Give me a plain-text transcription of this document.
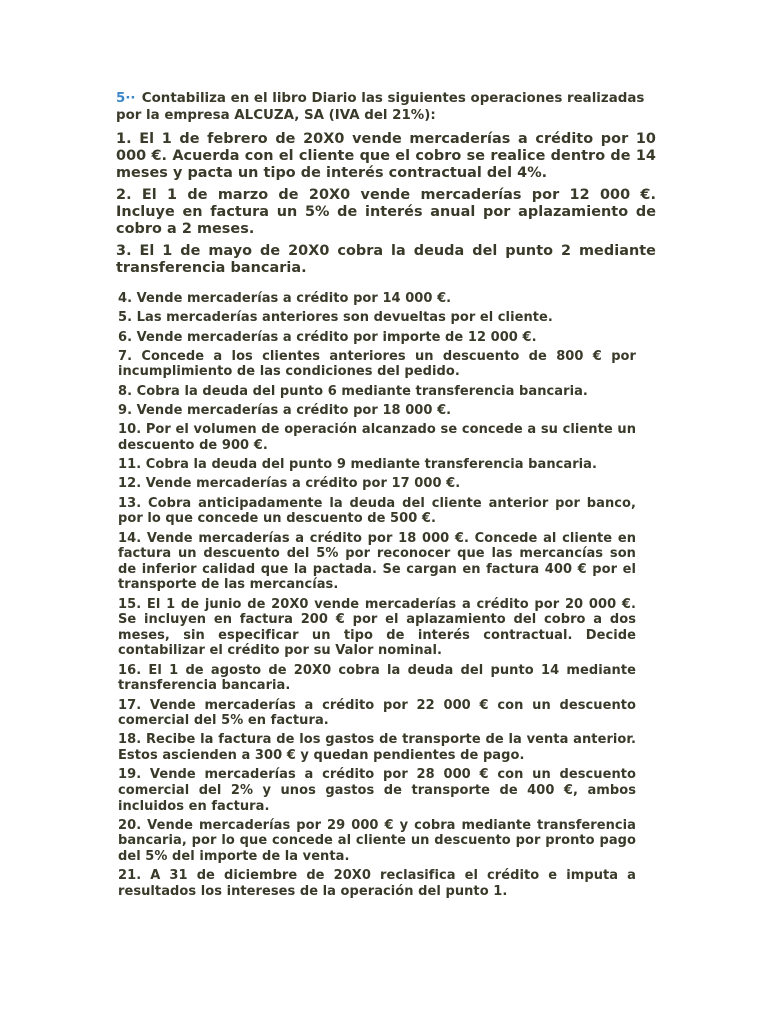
5·· Contabiliza en el libro Diario las siguientes operaciones realizadas por la empresa ALCUZA, SA (IVA del 21%):

1. El 1 de febrero de 20X0 vende mercaderías a crédito por 10 000 €. Acuerda con el cliente que el cobro se realice dentro de 14 meses y pacta un tipo de interés contractual del 4%.

2. El 1 de marzo de 20X0 vende mercaderías por 12 000 €. Incluye en factura un 5% de interés anual por aplazamiento de cobro a 2 meses.

3. El 1 de mayo de 20X0 cobra la deuda del punto 2 mediante transferencia bancaria.

4. Vende mercaderías a crédito por 14 000 €.

5. Las mercaderías anteriores son devueltas por el cliente.

6. Vende mercaderías a crédito por importe de 12 000 €.

7. Concede a los clientes anteriores un descuento de 800 € por incumplimiento de las condiciones del pedido.

8. Cobra la deuda del punto 6 mediante transferencia bancaria.

9. Vende mercaderías a crédito por 18 000 €.

10. Por el volumen de operación alcanzado se concede a su cliente un descuento de 900 €.

11. Cobra la deuda del punto 9 mediante transferencia bancaria.

12. Vende mercaderías a crédito por 17 000 €.

13. Cobra anticipadamente la deuda del cliente anterior por banco, por lo que concede un descuento de 500 €.

14. Vende mercaderías a crédito por 18 000 €. Concede al cliente en factura un descuento del 5% por reconocer que las mercancías son de inferior calidad que la pactada. Se cargan en factura 400 € por el transporte de las mercancías.

15. El 1 de junio de 20X0 vende mercaderías a crédito por 20 000 €. Se incluyen en factura 200 € por el aplazamiento del cobro a dos meses, sin especificar un tipo de interés contractual. Decide contabilizar el crédito por su Valor nominal.

16. El 1 de agosto de 20X0 cobra la deuda del punto 14 mediante transferencia bancaria.

17. Vende mercaderías a crédito por 22 000 € con un descuento comercial del 5% en factura.

18. Recibe la factura de los gastos de transporte de la venta anterior. Estos ascienden a 300 € y quedan pendientes de pago.

19. Vende mercaderías a crédito por 28 000 € con un descuento comercial del 2% y unos gastos de transporte de 400 €, ambos incluidos en factura.

20. Vende mercaderías por 29 000 € y cobra mediante transferencia bancaria, por lo que concede al cliente un descuento por pronto pago del 5% del importe de la venta.

21. A 31 de diciembre de 20X0 reclasifica el crédito e imputa a resultados los intereses de la operación del punto 1.
